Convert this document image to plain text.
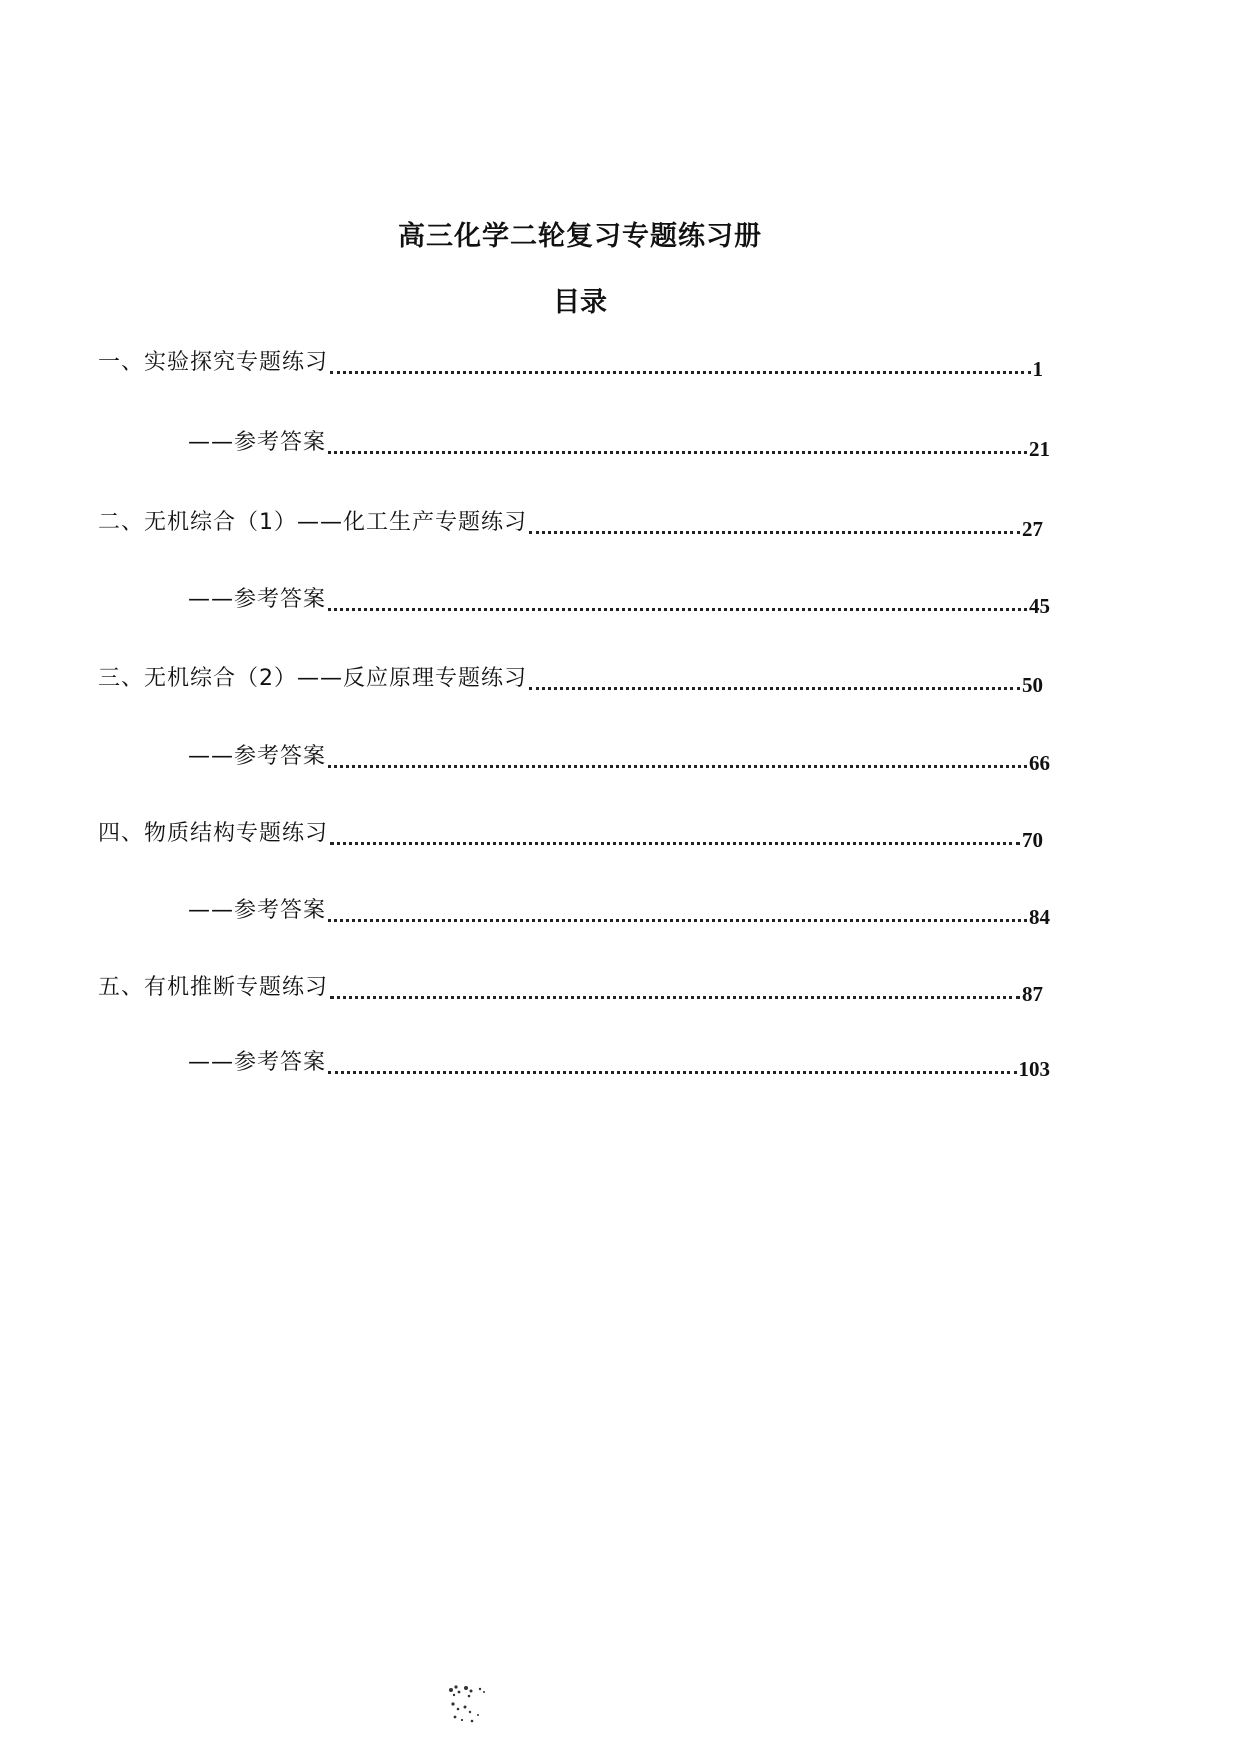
高三化学二轮复习专题练习册
目录
一、实验探究专题练习	1
——参考答案	21
二、无机综合（1）——化工生产专题练习	27
——参考答案	45
三、无机综合（2）——反应原理专题练习	50
——参考答案	66
四、物质结构专题练习	70
——参考答案	84
五、有机推断专题练习	87
——参考答案	103
